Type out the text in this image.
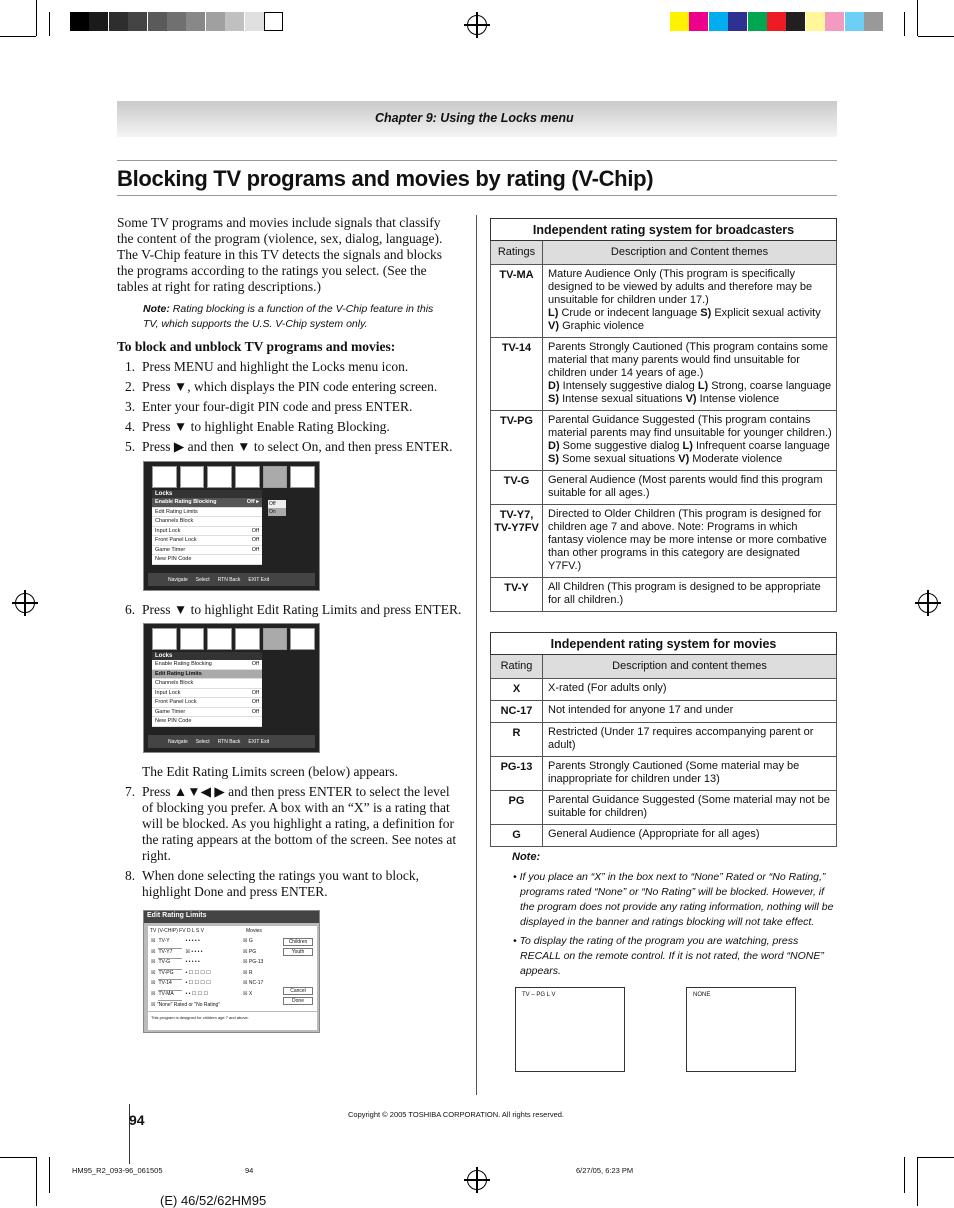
Chapter 9: Using the Locks menu
Blocking TV programs and movies by rating (V-Chip)

Some TV programs and movies include signals that classify the content of the program (violence, sex, dialog, language). The V-Chip feature in this TV detects the signals and blocks the programs according to the ratings you select. (See the tables at right for rating descriptions.)

Note: Rating blocking is a function of the V-Chip feature in this TV, which supports the U.S. V-Chip system only.

To block and unblock TV programs and movies:
1. Press MENU and highlight the Locks menu icon.
2. Press ▼, which displays the PIN code entering screen.
3. Enter your four-digit PIN code and press ENTER.
4. Press ▼ to highlight Enable Rating Blocking.
5. Press ▶ and then ▼ to select On, and then press ENTER.
Locks
Enable Rating Blocking	Off ▸
Edit Rating Limits
Channels Block
Input Lock	Off
Front Panel Lock	Off
Game Timer	Off
New PIN Code
Off
On
Navigate Select RTN Back EXIT Exit
6. Press ▼ to highlight Edit Rating Limits and press ENTER.
Locks
Enable Rating Blocking	Off
Edit Rating Limits
Channels Block
Input Lock	Off
Front Panel Lock	Off
Game Timer	Off
New PIN Code
Navigate Select RTN Back EXIT Exit
The Edit Rating Limits screen (below) appears.
7. Press ▲▼◀ ▶ and then press ENTER to select the level of blocking you prefer. A box with an “X” is a rating that will be blocked. As you highlight a rating, a definition for the rating appears at the bottom of the screen. See notes at right.
8. When done selecting the ratings you want to block, highlight Done and press ENTER.
Edit Rating Limits
TV (V-CHIP) FV D L S V	Movies
☒ TV-Y	• • • • •
☒ TV-Y7	☒ • • • •
☒ TV-G	• • • • •
☒ TV-PG	• ☐ ☐ ☐ ☐
☒ TV-14	• ☐ ☐ ☐ ☐
☒ TV-MA	• • ☐ ☐ ☐
☒ G
☒ PG
☒ PG-13
☒ R
☒ NC-17
☒ X
Children
Youth
Cancel
Done
☒ "None" Rated or "No Rating"
This program is designed for children age 7 and above.
Independent rating system for broadcasters	
Ratings	Description and Content themes
TV-MA	Mature Audience Only (This program is specifically designed to be viewed by adults and therefore may be unsuitable for children under 17.)
L) Crude or indecent language S) Explicit sexual activity V) Graphic violence

TV-14	Parents Strongly Cautioned (This program contains some material that many parents would find unsuitable for children under 14 years of age.)
D) Intensely suggestive dialog L) Strong, coarse language S) Intense sexual situations V) Intense violence

TV-PG	Parental Guidance Suggested (This program contains material parents may find unsuitable for younger children.)
D) Some suggestive dialog L) Infrequent coarse language S) Some sexual situations V) Moderate violence

TV-G	General Audience (Most parents would find this program suitable for all ages.)

TV-Y7, TV-Y7FV	Directed to Older Children (This program is designed for children age 7 and above. Note: Programs in which fantasy violence may be more intense or more combative than other programs in this category are designated Y7FV.)

TV-Y	All Children (This program is designed to be appropriate for all children.)
Independent rating system for movies	
Rating	Description and content themes
X	X-rated (For adults only)
NC-17	Not intended for anyone 17 and under
R	Restricted (Under 17 requires accompanying parent or adult)
PG-13	Parents Strongly Cautioned (Some material may be inappropriate for children under 13)
PG	Parental Guidance Suggested (Some material may not be suitable for children)
G	General Audience (Appropriate for all ages)
Note:
• If you place an “X” in the box next to “None” Rated or “No Rating,” programs rated “None” or “No Rating” will be blocked. However, if the program does not provide any rating information, nothing will be displayed in the banner and ratings blocking will not take effect.
• To display the rating of the program you are watching, press RECALL on the remote control. If it is not rated, the word “NONE” appears.
TV – PG L V	NONE
94	Copyright © 2005 TOSHIBA CORPORATION. All rights reserved.
HM95_R2_093-96_061505	94	6/27/05, 6:23 PM
(E) 46/52/62HM95
